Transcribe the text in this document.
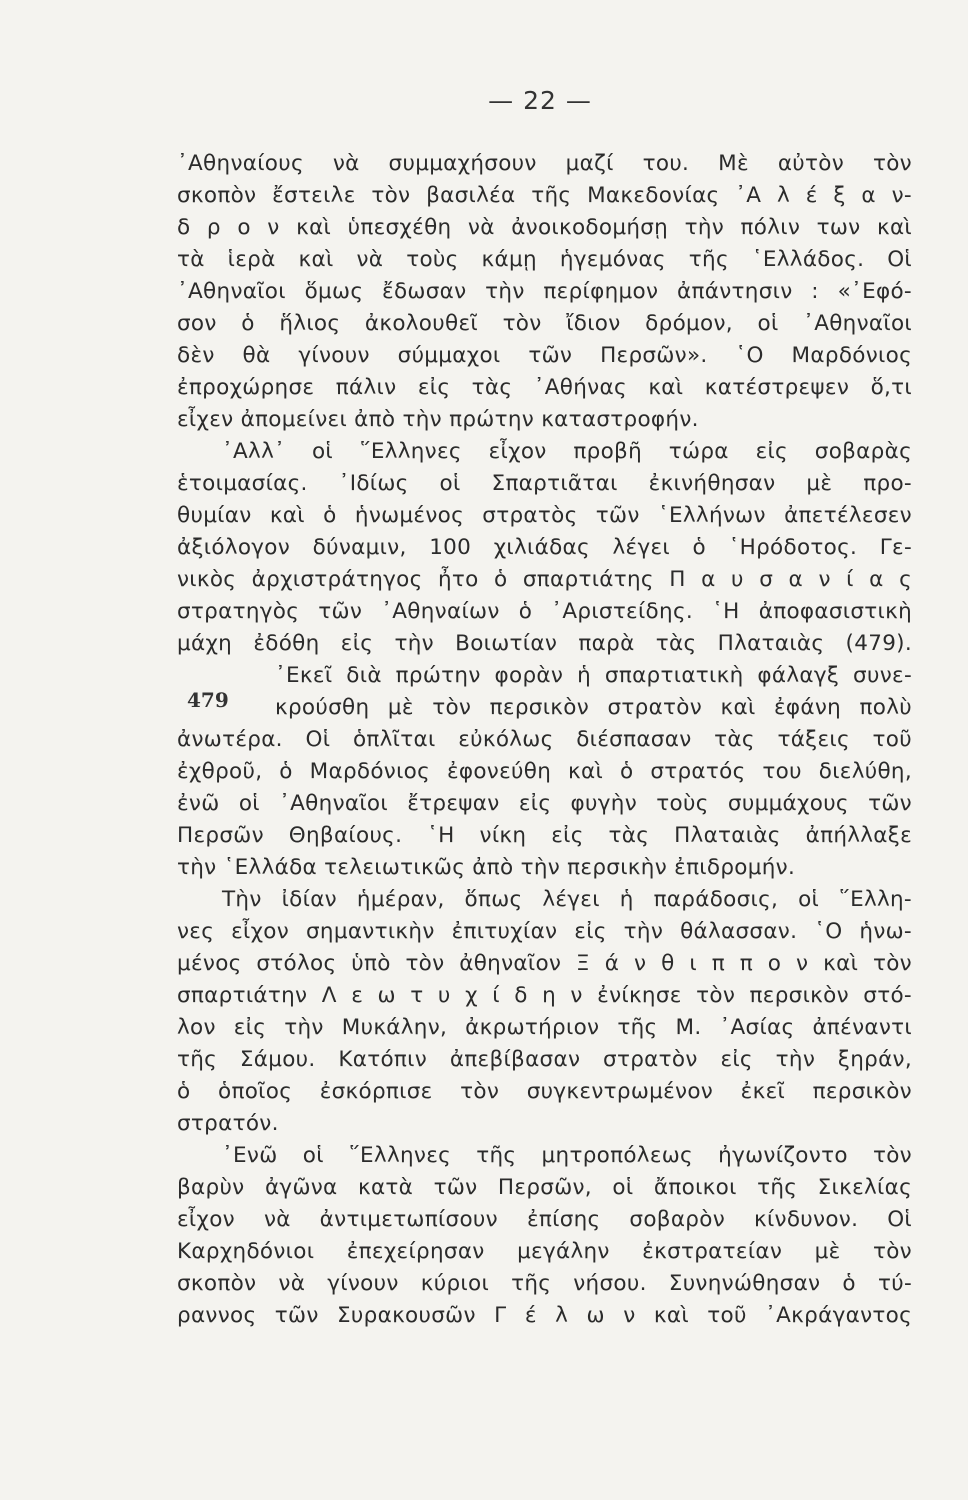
— 22 —
479
᾿Αθηναίους νὰ συμμαχήσουν μαζί του. Μὲ αὐτὸν τὸν
σκοπὸν ἔστειλε τὸν βασιλέα τῆς Μακεδονίας ᾿Α λ έ ξ α ν‑
δ ρ ο ν καὶ ὑπεσχέθη νὰ ἀνοικοδομήσῃ τὴν πόλιν των καὶ
τὰ ἱερὰ καὶ νὰ τοὺς κάμῃ ἡγεμόνας τῆς ῾Ελλάδος. Οἱ
᾿Αθηναῖοι ὅμως ἔδωσαν τὴν περίφημον ἀπάντησιν : «᾿Εφό‑
σον ὁ ἥλιος ἀκολουθεῖ τὸν ἴδιον δρόμον, οἱ ᾿Αθηναῖοι
δὲν θὰ γίνουν σύμμαχοι τῶν Περσῶν». ῾Ο Μαρδόνιος
ἐπροχώρησε πάλιν εἰς τὰς ᾿Αθήνας καὶ κατέστρεψεν ὅ,τι
εἶχεν ἀπομείνει ἀπὸ τὴν πρώτην καταστροφήν.
᾿Αλλ᾿ οἱ ῞Ελληνες εἶχον προβῆ τώρα εἰς σοβαρὰς
ἑτοιμασίας. ᾿Ιδίως οἱ Σπαρτιᾶται ἐκινήθησαν μὲ προ‑
θυμίαν καὶ ὁ ἡνωμένος στρατὸς τῶν ῾Ελλήνων ἀπετέλεσεν
ἀξιόλογον δύναμιν, 100 χιλιάδας λέγει ὁ ῾Ηρόδοτος. Γε‑
νικὸς ἀρχιστράτηγος ἦτο ὁ σπαρτιάτης Π α υ σ α ν ί α ς
στρατηγὸς τῶν ᾿Αθηναίων ὁ ᾿Αριστείδης. ῾Η ἀποφασιστικὴ
μάχη ἐδόθη εἰς τὴν Βοιωτίαν παρὰ τὰς Πλαταιὰς (479).
᾿Εκεῖ διὰ πρώτην φορὰν ἡ σπαρτιατικὴ φάλαγξ συνε‑
κρούσθη μὲ τὸν περσικὸν στρατὸν καὶ ἐφάνη πολὺ
ἀνωτέρα. Οἱ ὁπλῖται εὐκόλως διέσπασαν τὰς τάξεις τοῦ
ἐχθροῦ, ὁ Μαρδόνιος ἐφονεύθη καὶ ὁ στρατός του διελύθη,
ἐνῶ οἱ ᾿Αθηναῖοι ἔτρεψαν εἰς φυγὴν τοὺς συμμάχους τῶν
Περσῶν Θηβαίους. ῾Η νίκη εἰς τὰς Πλαταιὰς ἀπήλλαξε
τὴν ῾Ελλάδα τελειωτικῶς ἀπὸ τὴν περσικὴν ἐπιδρομήν.
Τὴν ἰδίαν ἡμέραν, ὅπως λέγει ἡ παράδοσις, οἱ ῞Ελλη‑
νες εἶχον σημαντικὴν ἐπιτυχίαν εἰς τὴν θάλασσαν. ῾Ο ἡνω‑
μένος στόλος ὑπὸ τὸν ἀθηναῖον Ξ ά ν θ ι π π ο ν καὶ τὸν
σπαρτιάτην Λ ε ω τ υ χ ί δ η ν ἐνίκησε τὸν περσικὸν στό‑
λον εἰς τὴν Μυκάλην, ἀκρωτήριον τῆς Μ. ᾿Ασίας ἀπέναντι
τῆς Σάμου. Κατόπιν ἀπεβίβασαν στρατὸν εἰς τὴν ξηράν,
ὁ ὁποῖος ἐσκόρπισε τὸν συγκεντρωμένον ἐκεῖ περσικὸν
στρατόν.
᾿Ενῶ οἱ ῞Ελληνες τῆς μητροπόλεως ἠγωνίζοντο τὸν
βαρὺν ἀγῶνα κατὰ τῶν Περσῶν, οἱ ἄποικοι τῆς Σικελίας
εἶχον νὰ ἀντιμετωπίσουν ἐπίσης σοβαρὸν κίνδυνον. Οἱ
Καρχηδόνιοι ἐπεχείρησαν μεγάλην ἐκστρατείαν μὲ τὸν
σκοπὸν νὰ γίνουν κύριοι τῆς νήσου. Συνηνώθησαν ὁ τύ‑
ραννος τῶν Συρακουσῶν Γ έ λ ω ν καὶ τοῦ ᾿Ακράγαντος
